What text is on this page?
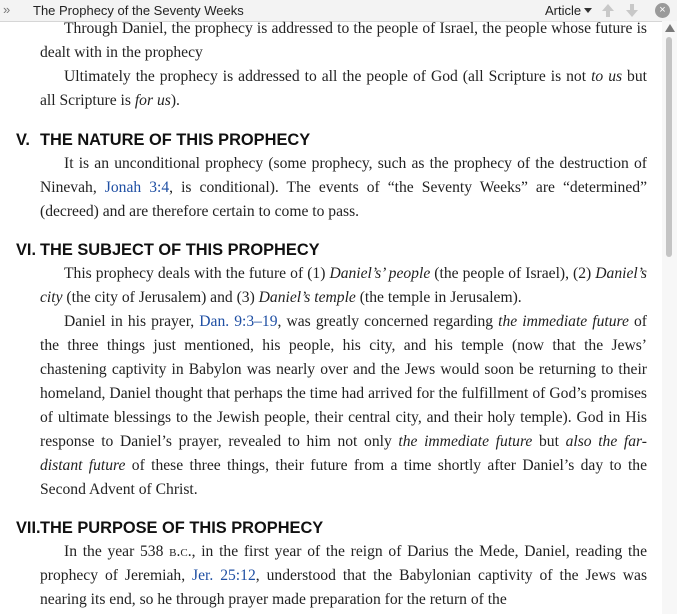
» The Prophecy of the Seventy Weeks	Article	×

Through Daniel, the prophecy is addressed to the people of Israel, the people whose future is dealt with in the prophecy

Ultimately the prophecy is addressed to all the people of God (all Scripture is not to us but all Scripture is for us).

V. THE NATURE OF THIS PROPHECY

It is an unconditional prophecy (some prophecy, such as the prophecy of the destruction of Ninevah, Jonah 3:4, is conditional). The events of “the Seventy Weeks” are “determined” (decreed) and are therefore certain to come to pass.

VI. THE SUBJECT OF THIS PROPHECY

This prophecy deals with the future of (1) Daniel’s’ people (the people of Israel), (2) Daniel’s city (the city of Jerusalem) and (3) Daniel’s temple (the temple in Jerusalem).

Daniel in his prayer, Dan. 9:3–19, was greatly concerned regarding the immediate future of the three things just mentioned, his people, his city, and his temple (now that the Jews’ chastening captivity in Babylon was nearly over and the Jews would soon be returning to their homeland, Daniel thought that perhaps the time had arrived for the fulfillment of God’s promises of ultimate blessings to the Jewish people, their central city, and their holy temple). God in His response to Daniel’s prayer, revealed to him not only the immediate future but also the far-distant future of these three things, their future from a time shortly after Daniel’s day to the Second Advent of Christ.

VII.THE PURPOSE OF THIS PROPHECY

In the year 538 b.c., in the first year of the reign of Darius the Mede, Daniel, reading the prophecy of Jeremiah, Jer. 25:12, understood that the Babylonian captivity of the Jews was nearing its end, so he through prayer made preparation for the return of the
